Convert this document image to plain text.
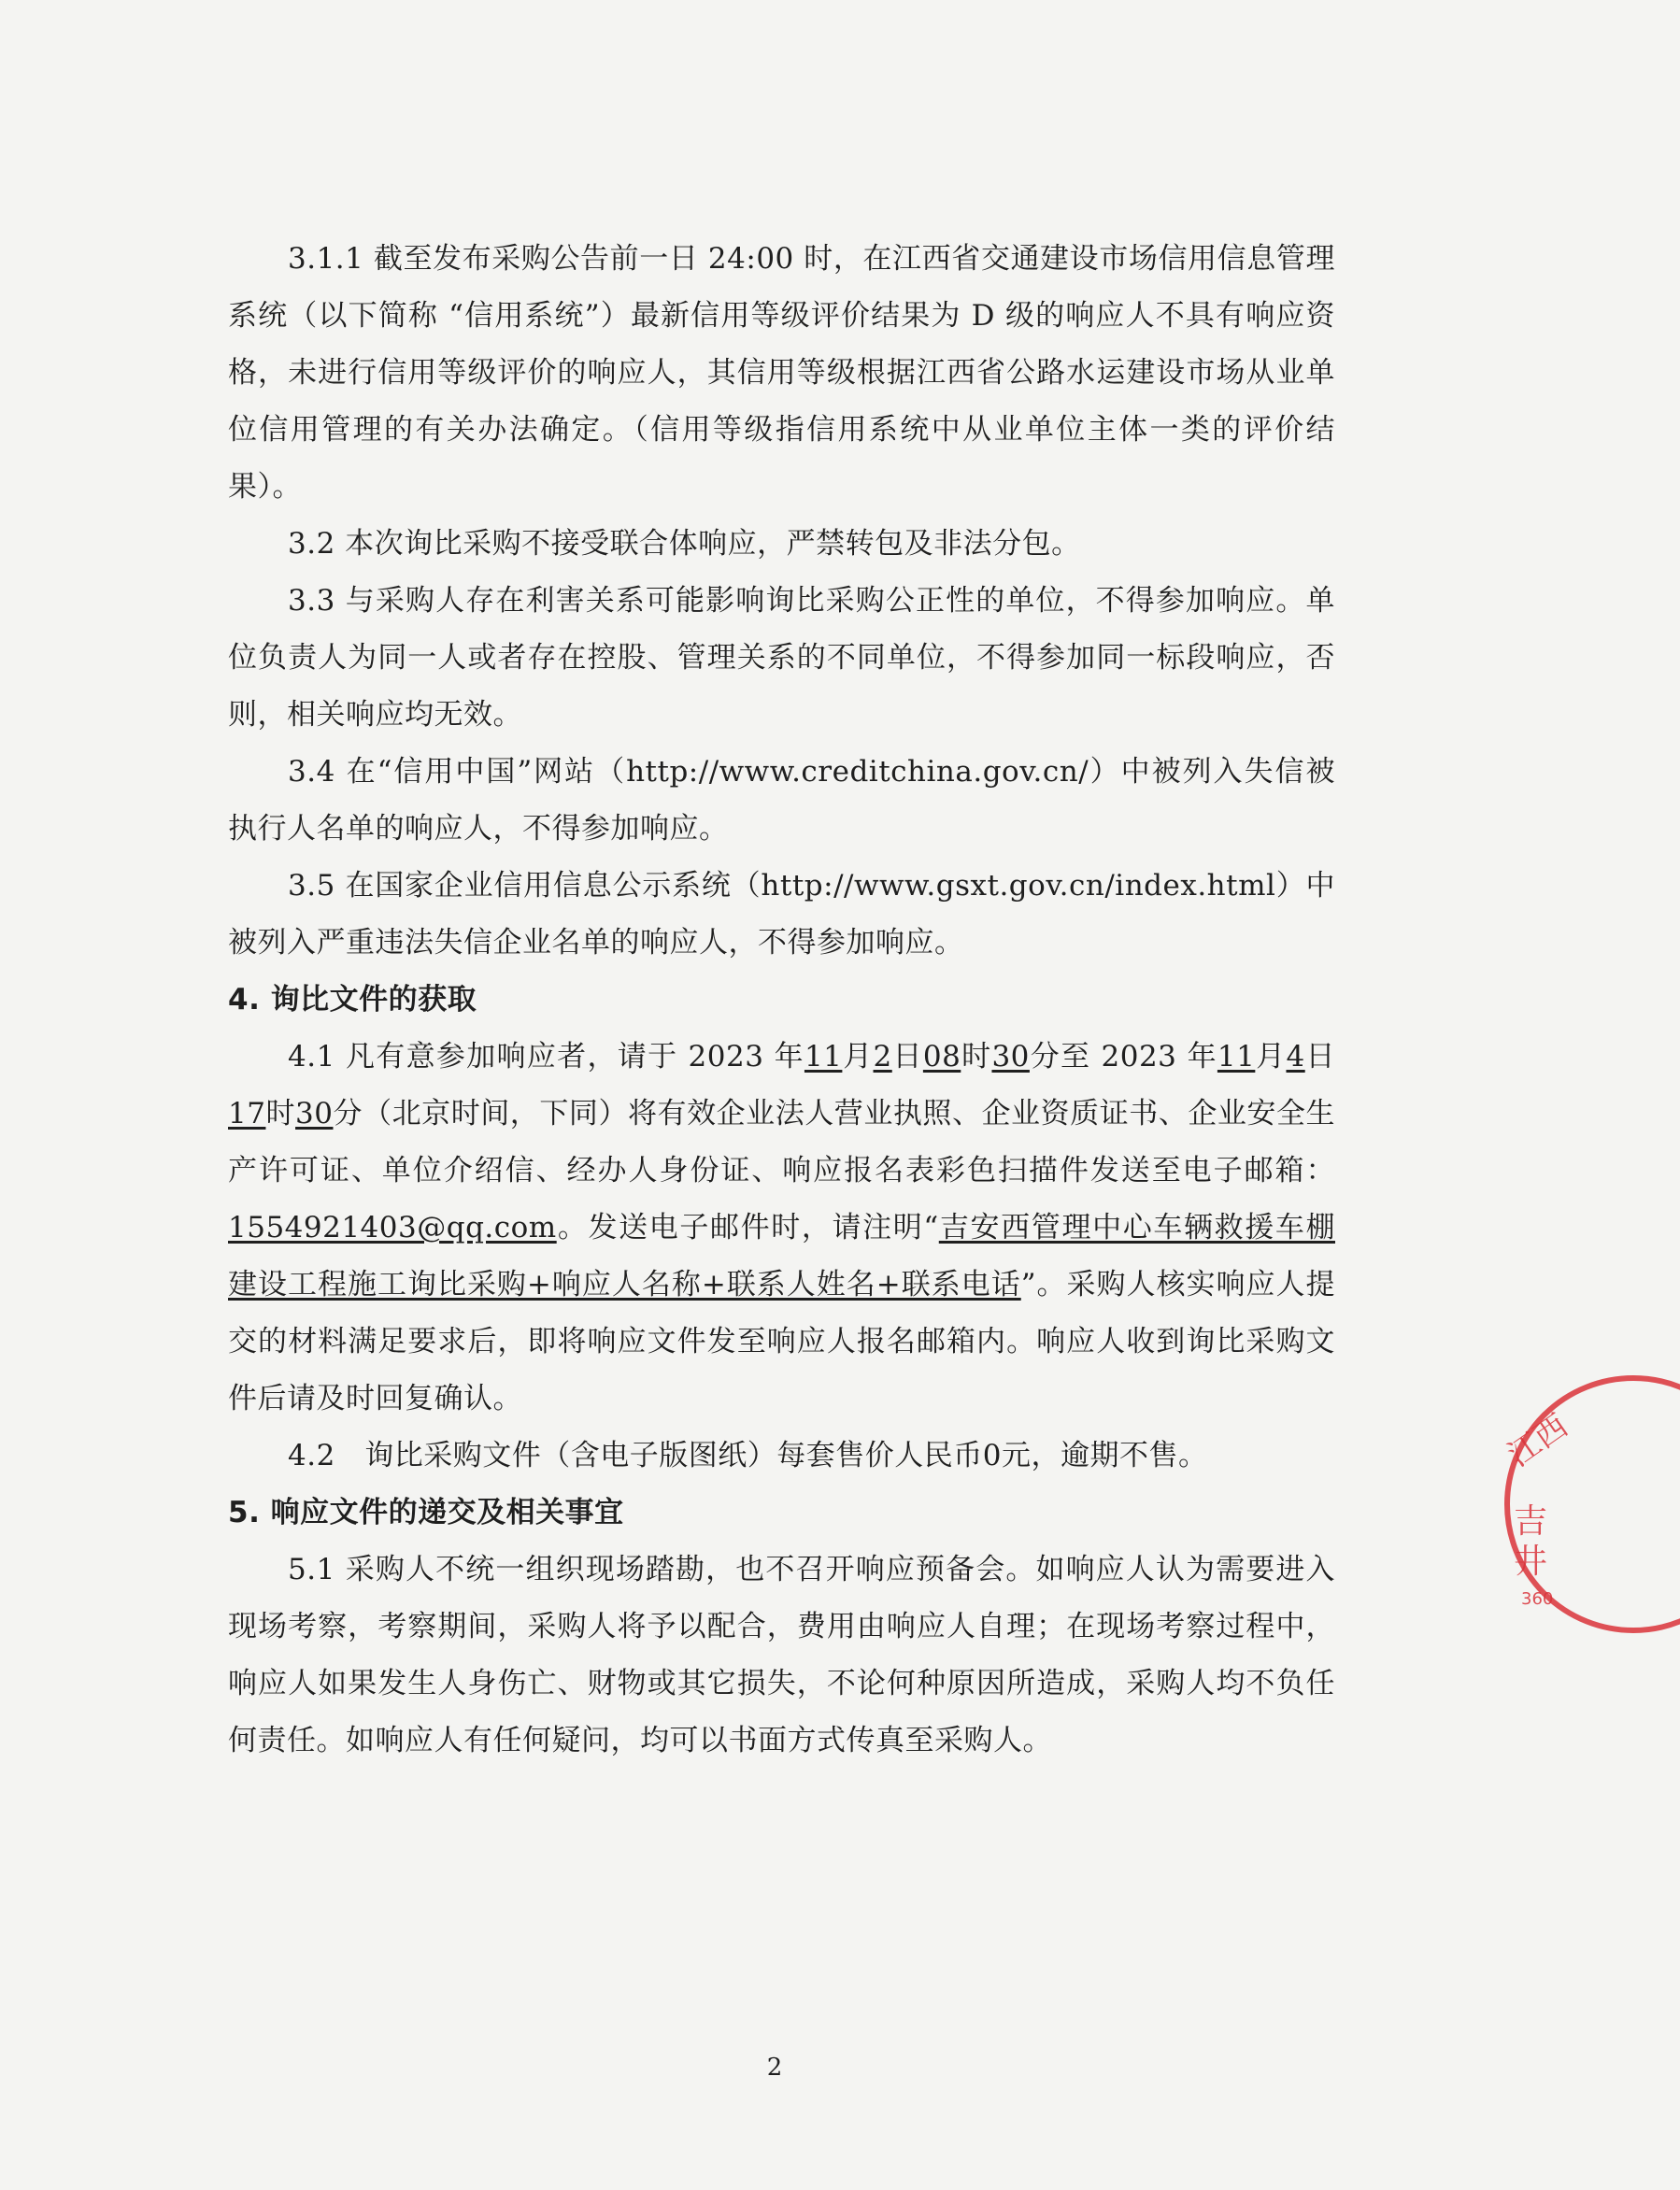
3.1.1 截至发布采购公告前一日 24:00 时，在江西省交通建设市场信用信息管理系统（以下简称 “信用系统”）最新信用等级评价结果为 D 级的响应人不具有响应资格，未进行信用等级评价的响应人，其信用等级根据江西省公路水运建设市场从业单位信用管理的有关办法确定。（信用等级指信用系统中从业单位主体一类的评价结果）。

3.2 本次询比采购不接受联合体响应，严禁转包及非法分包。

3.3 与采购人存在利害关系可能影响询比采购公正性的单位，不得参加响应。单位负责人为同一人或者存在控股、管理关系的不同单位，不得参加同一标段响应，否则，相关响应均无效。

3.4 在“信用中国”网站（http://www.creditchina.gov.cn/）中被列入失信被执行人名单的响应人，不得参加响应。

3.5 在国家企业信用信息公示系统（http://www.gsxt.gov.cn/index.html）中被列入严重违法失信企业名单的响应人，不得参加响应。

4. 询比文件的获取

4.1 凡有意参加响应者，请于 2023 年11月2日08时30分至 2023 年11月4日17时30分（北京时间，下同）将有效企业法人营业执照、企业资质证书、企业安全生产许可证、单位介绍信、经办人身份证、响应报名表彩色扫描件发送至电子邮箱：1554921403@qq.com。发送电子邮件时，请注明“吉安西管理中心车辆救援车棚建设工程施工询比采购+响应人名称+联系人姓名+联系电话”。采购人核实响应人提交的材料满足要求后，即将响应文件发至响应人报名邮箱内。响应人收到询比采购文件后请及时回复确认。

4.2　询比采购文件（含电子版图纸）每套售价人民币0元，逾期不售。

5. 响应文件的递交及相关事宜

5.1 采购人不统一组织现场踏勘，也不召开响应预备会。如响应人认为需要进入现场考察，考察期间，采购人将予以配合，费用由响应人自理；在现场考察过程中，响应人如果发生人身伤亡、财物或其它损失，不论何种原因所造成，采购人均不负任何责任。如响应人有任何疑问，均可以书面方式传真至采购人。

2
江西
吉
井
360
